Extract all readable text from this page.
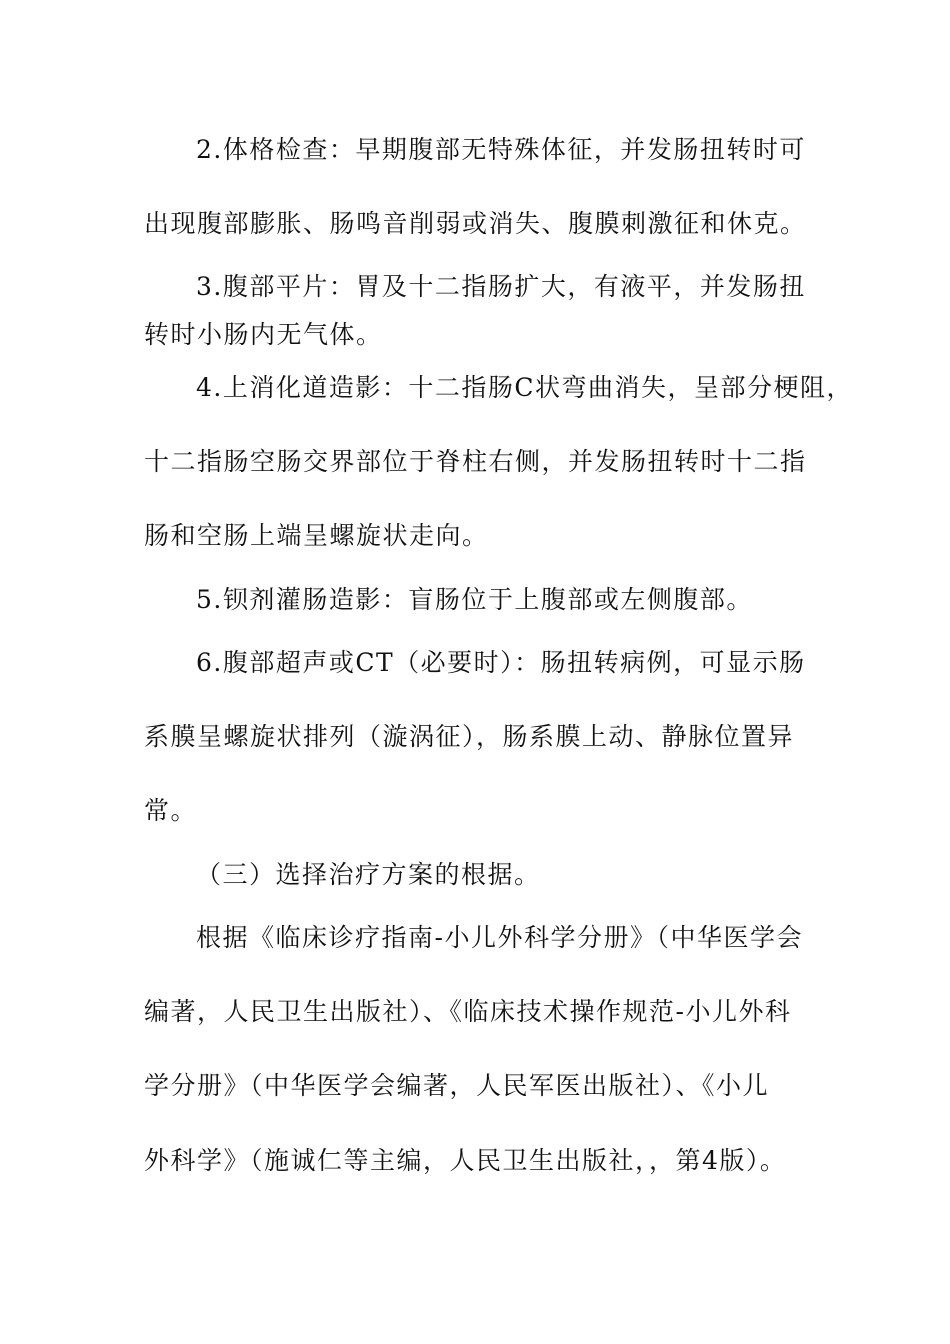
2.体格检查：早期腹部无特殊体征，并发肠扭转时可
出现腹部膨胀、肠鸣音削弱或消失、腹膜刺激征和休克。
3.腹部平片：胃及十二指肠扩大，有液平，并发肠扭
转时小肠内无气体。
4.上消化道造影：十二指肠C状弯曲消失，呈部分梗阻，
十二指肠空肠交界部位于脊柱右侧，并发肠扭转时十二指
肠和空肠上端呈螺旋状走向。
5.钡剂灌肠造影：盲肠位于上腹部或左侧腹部。
6.腹部超声或CT（必要时）：肠扭转病例，可显示肠
系膜呈螺旋状排列（漩涡征），肠系膜上动、静脉位置异
常。
（三）选择治疗方案的根据。
根据《临床诊疗指南-小儿外科学分册》（中华医学会
编著，人民卫生出版社）、《临床技术操作规范-小儿外科
学分册》（中华医学会编著，人民军医出版社）、《小儿
外科学》（施诚仁等主编，人民卫生出版社，，第4版）。
